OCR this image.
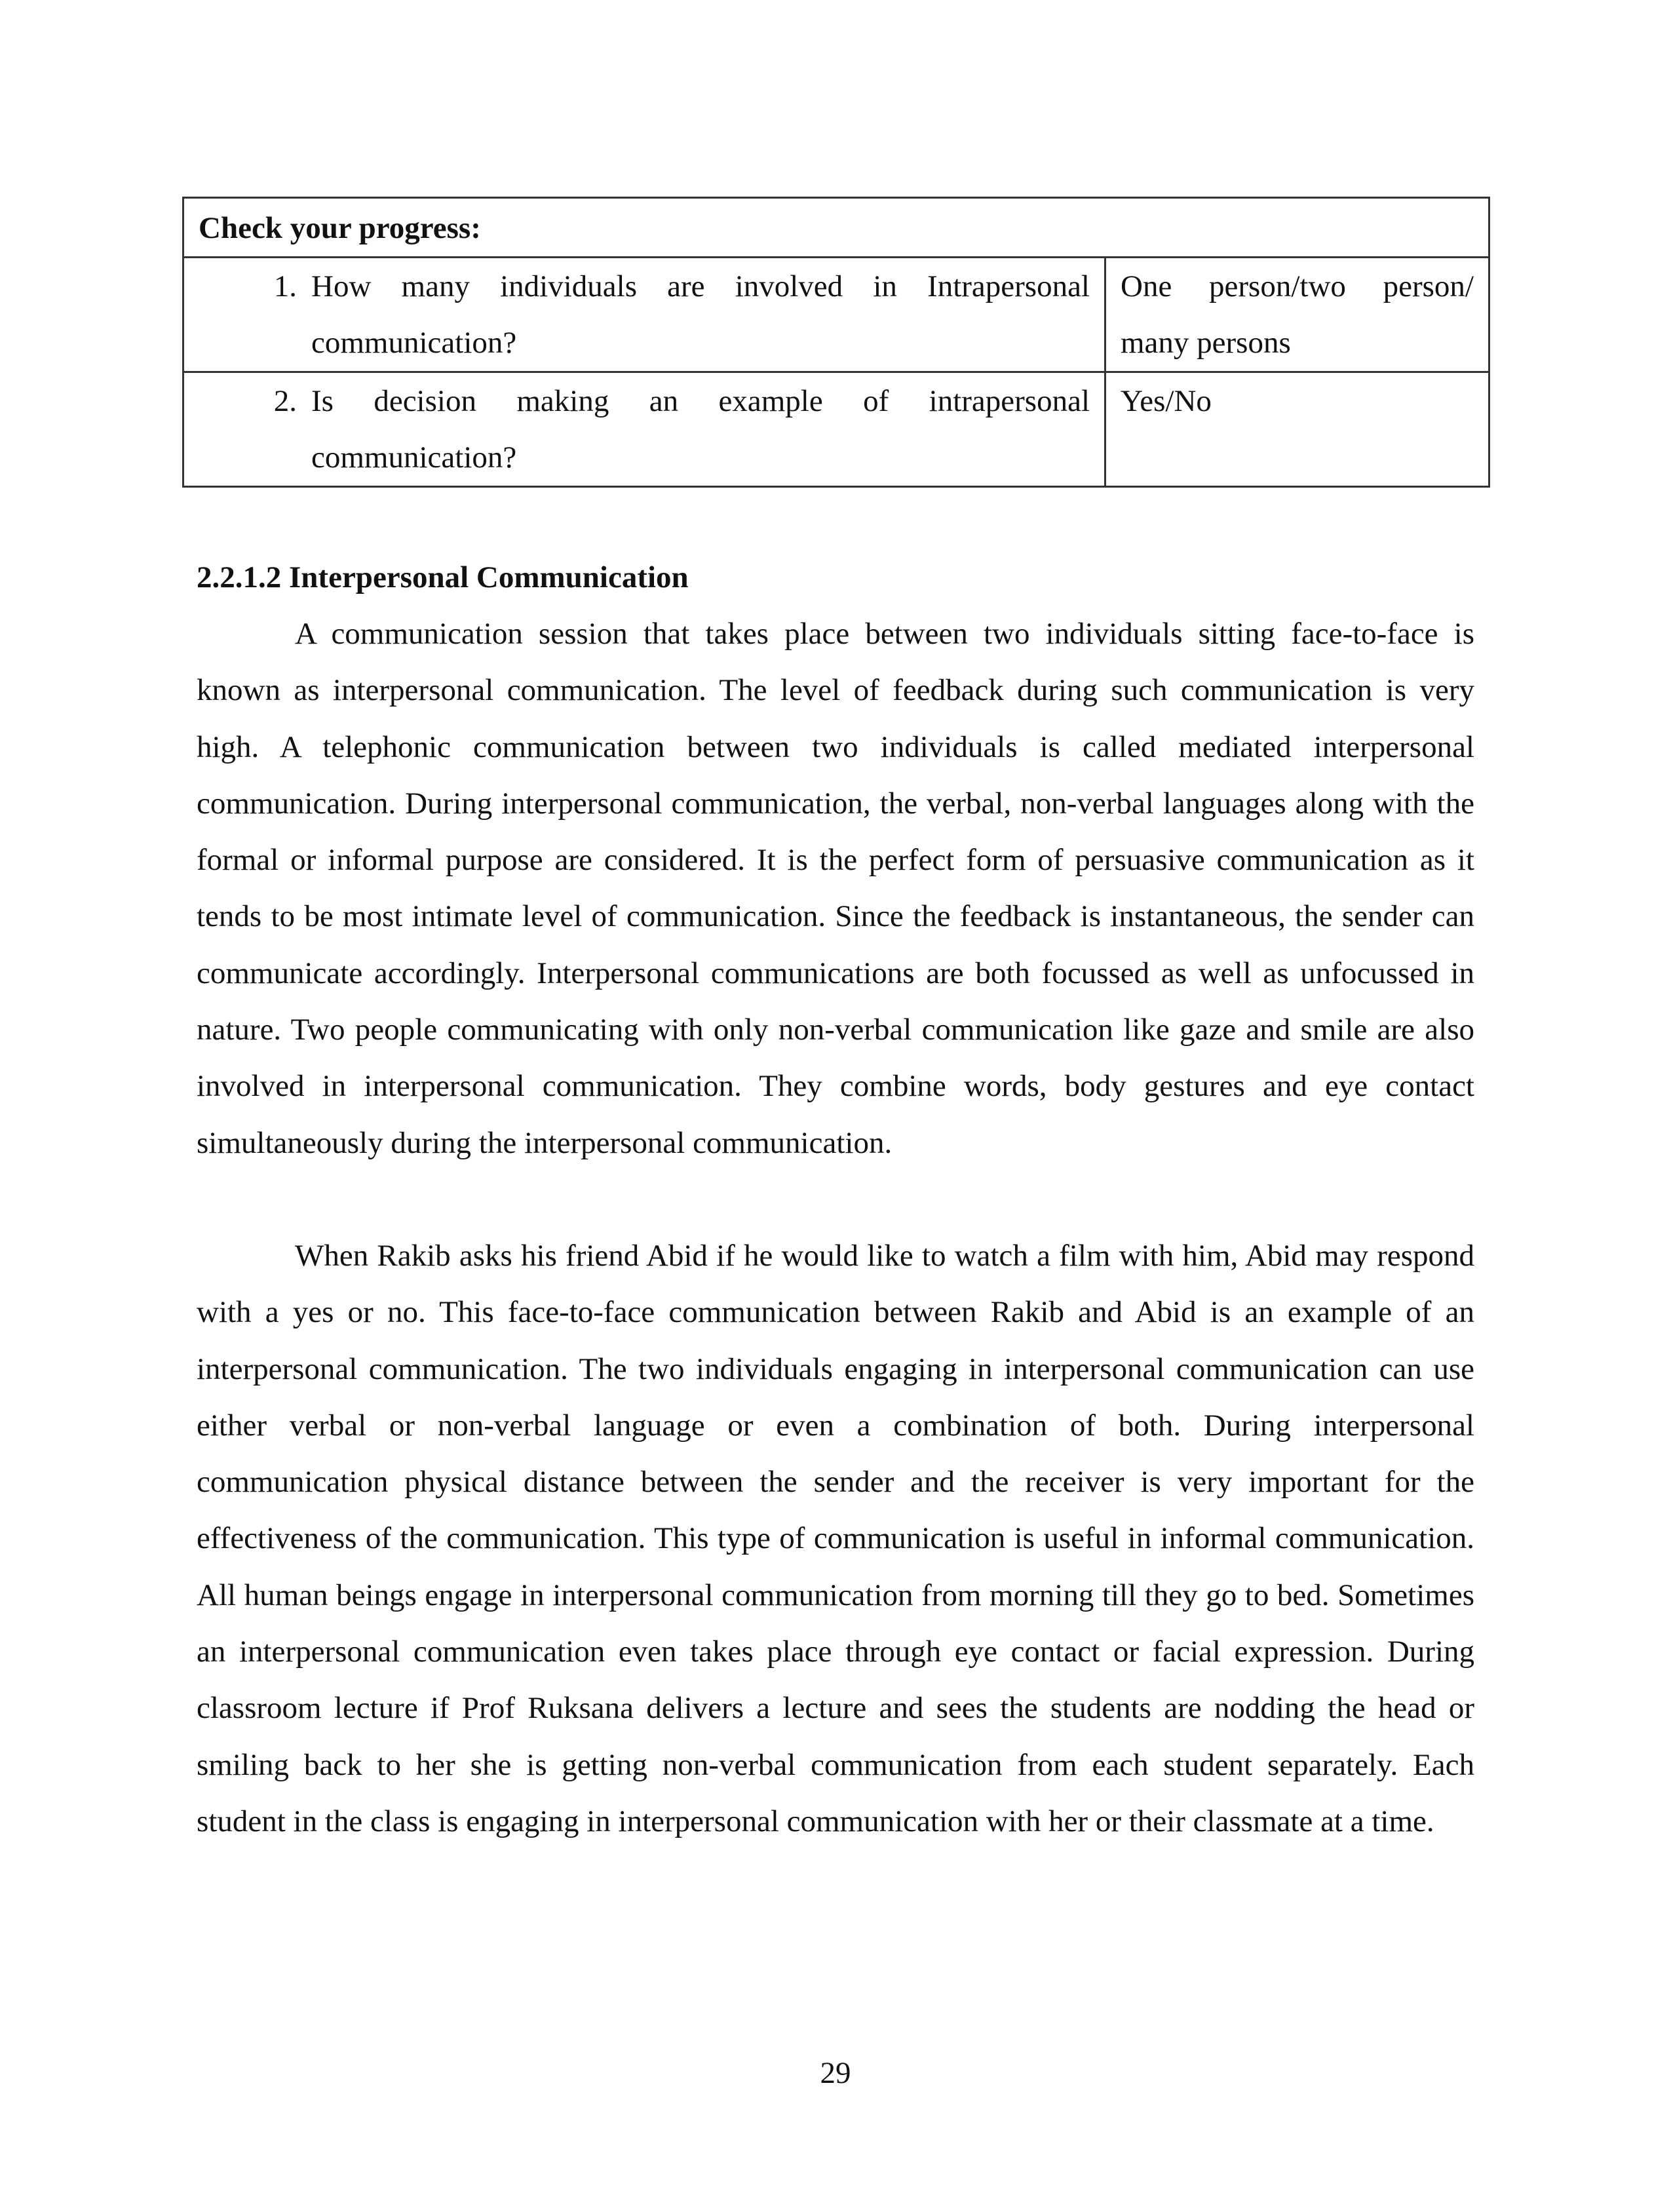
Check your progress:	

1. How many individuals are involved in Intrapersonal communication?	One person/two person/ many persons

2. Is decision making an example of intrapersonal communication?	Yes/No
2.2.1.2 Interpersonal Communication

A communication session that takes place between two individuals sitting face-to-face is known as interpersonal communication. The level of feedback during such communication is very high. A telephonic communication between two individuals is called mediated interpersonal communication. During interpersonal communication, the verbal, non-verbal languages along with the formal or informal purpose are considered. It is the perfect form of persuasive communication as it tends to be most intimate level of communication. Since the feedback is instantaneous, the sender can communicate accordingly. Interpersonal communications are both focussed as well as unfocussed in nature. Two people communicating with only non-verbal communication like gaze and smile are also involved in interpersonal communication. They combine words, body gestures and eye contact simultaneously during the interpersonal communication.

When Rakib asks his friend Abid if he would like to watch a film with him, Abid may respond with a yes or no. This face-to-face communication between Rakib and Abid is an example of an interpersonal communication. The two individuals engaging in interpersonal communication can use either verbal or non-verbal language or even a combination of both. During interpersonal communication physical distance between the sender and the receiver is very important for the effectiveness of the communication. This type of communication is useful in informal communication. All human beings engage in interpersonal communication from morning till they go to bed. Sometimes an interpersonal communication even takes place through eye contact or facial expression. During classroom lecture if Prof Ruksana delivers a lecture and sees the students are nodding the head or smiling back to her she is getting non-verbal communication from each student separately. Each student in the class is engaging in interpersonal communication with her or their classmate at a time.

29
